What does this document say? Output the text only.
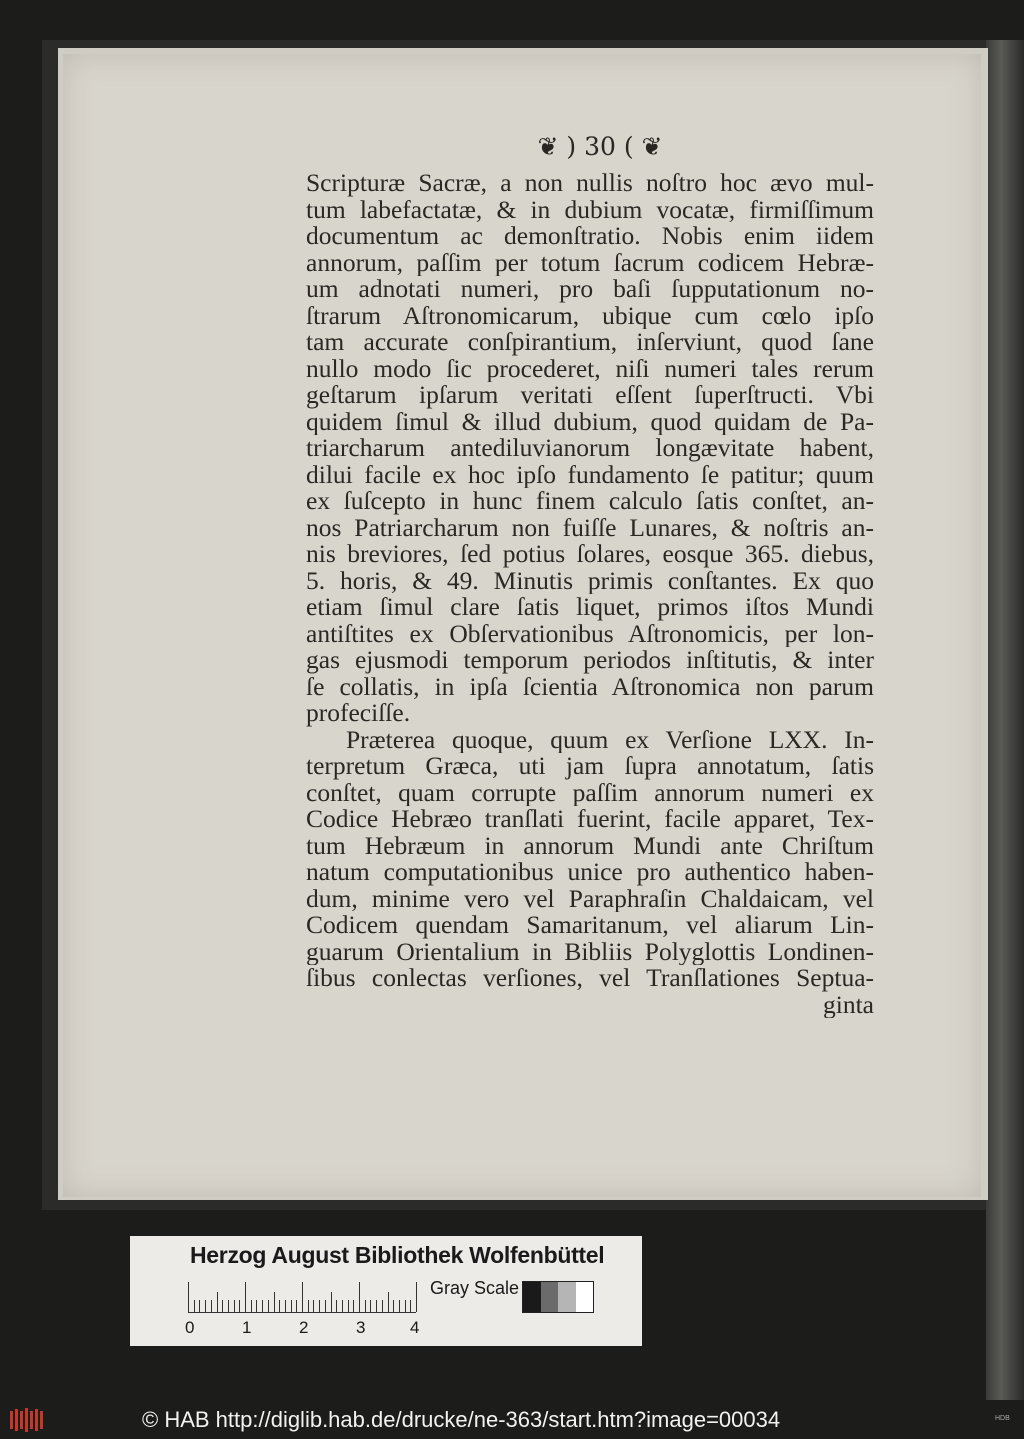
❦ ) 30 ( ❦
Scripturæ Sacræ, a non nullis noſtro hoc ævo mul-
tum labefactatæ, & in dubium vocatæ, firmiſſimum
documentum ac demonſtratio. Nobis enim iidem
annorum, paſſim per totum ſacrum codicem Hebræ-
um adnotati numeri, pro baſi ſupputationum no-
ſtrarum Aſtronomicarum, ubique cum cœlo ipſo
tam accurate conſpirantium, inſerviunt, quod ſane
nullo modo ſic procederet, niſi numeri tales rerum
geſtarum ipſarum veritati eſſent ſuperſtructi. Vbi
quidem ſimul & illud dubium, quod quidam de Pa-
triarcharum antediluvianorum longævitate habent,
dilui facile ex hoc ipſo fundamento ſe patitur; quum
ex ſuſcepto in hunc finem calculo ſatis conſtet, an-
nos Patriarcharum non fuiſſe Lunares, & noſtris an-
nis breviores, ſed potius ſolares, eosque 365. diebus,
5. horis, & 49. Minutis primis conſtantes. Ex quo
etiam ſimul clare ſatis liquet, primos iſtos Mundi
antiſtites ex Obſervationibus Aſtronomicis, per lon-
gas ejusmodi temporum periodos inſtitutis, & inter
ſe collatis, in ipſa ſcientia Aſtronomica non parum
profeciſſe.
Præterea quoque, quum ex Verſione LXX. In-
terpretum Græca, uti jam ſupra annotatum, ſatis
conſtet, quam corrupte paſſim annorum numeri ex
Codice Hebræo tranſlati fuerint, facile apparet, Tex-
tum Hebræum in annorum Mundi ante Chriſtum
natum computationibus unice pro authentico haben-
dum, minime vero vel Paraphraſin Chaldaicam, vel
Codicem quendam Samaritanum, vel aliarum Lin-
guarum Orientalium in Bibliis Polyglottis Londinen-
ſibus conlectas verſiones, vel Tranſlationes Septua-
ginta
Herzog August Bibliothek Wolfenbüttel
0	1	2	3	4
Gray Scale
© HAB http://diglib.hab.de/drucke/ne-363/start.htm?image=00034	HDB
